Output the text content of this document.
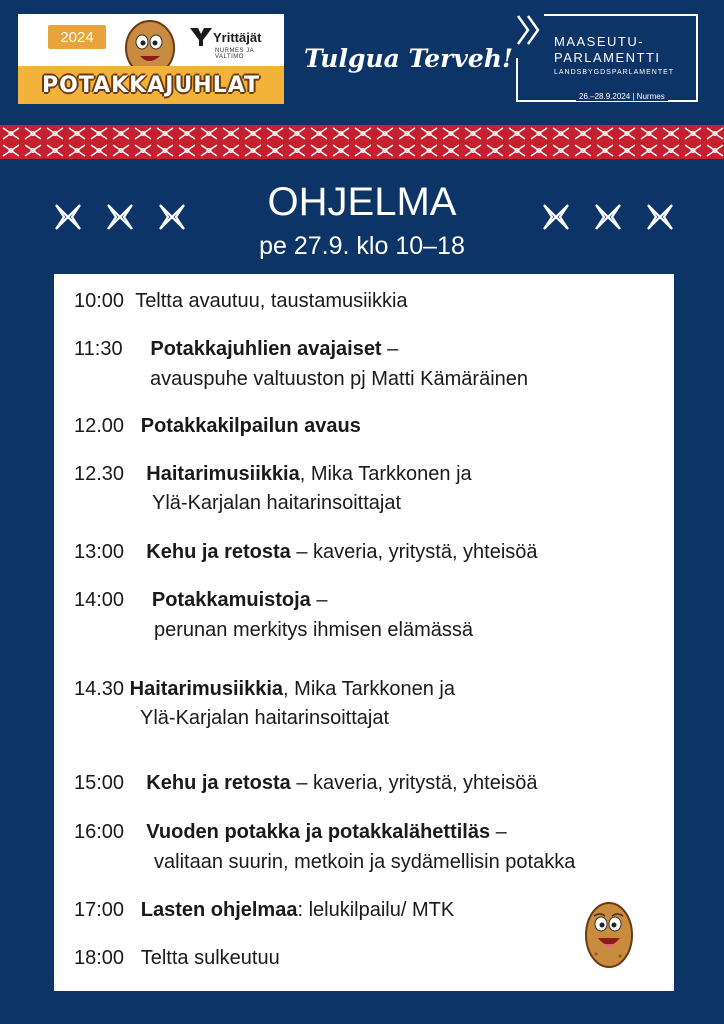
2024	Yrittäjät
NURMES JA VALTIMO
POTAKKAJUHLAT
Tulgua Terveh!
MAASEUTU-
PARLAMENTTI
LANDSBYGDSPARLAMENTET
26.–28.9.2024 | Nurmes
OHJELMA
pe 27.9. klo 10–18
10:00 Teltta avautuu, taustamusiikkia
11:30 Potakkajuhlien avajaiset –
avauspuhe valtuuston pj Matti Kämäräinen
12.00 Potakkakilpailun avaus
12.30 Haitarimusiikkia, Mika Tarkkonen ja
Ylä-Karjalan haitarinsoittajat
13:00 Kehu ja retosta – kaveria, yritystä, yhteisöä
14:00 Potakkamuistoja –
perunan merkitys ihmisen elämässä
14.30 Haitarimusiikkia, Mika Tarkkonen ja
Ylä-Karjalan haitarinsoittajat
15:00 Kehu ja retosta – kaveria, yritystä, yhteisöä
16:00 Vuoden potakka ja potakkalähettiläs –
valitaan suurin, metkoin ja sydämellisin potakka
17:00 Lasten ohjelmaa: lelukilpailu/ MTK
18:00 Teltta sulkeutuu
